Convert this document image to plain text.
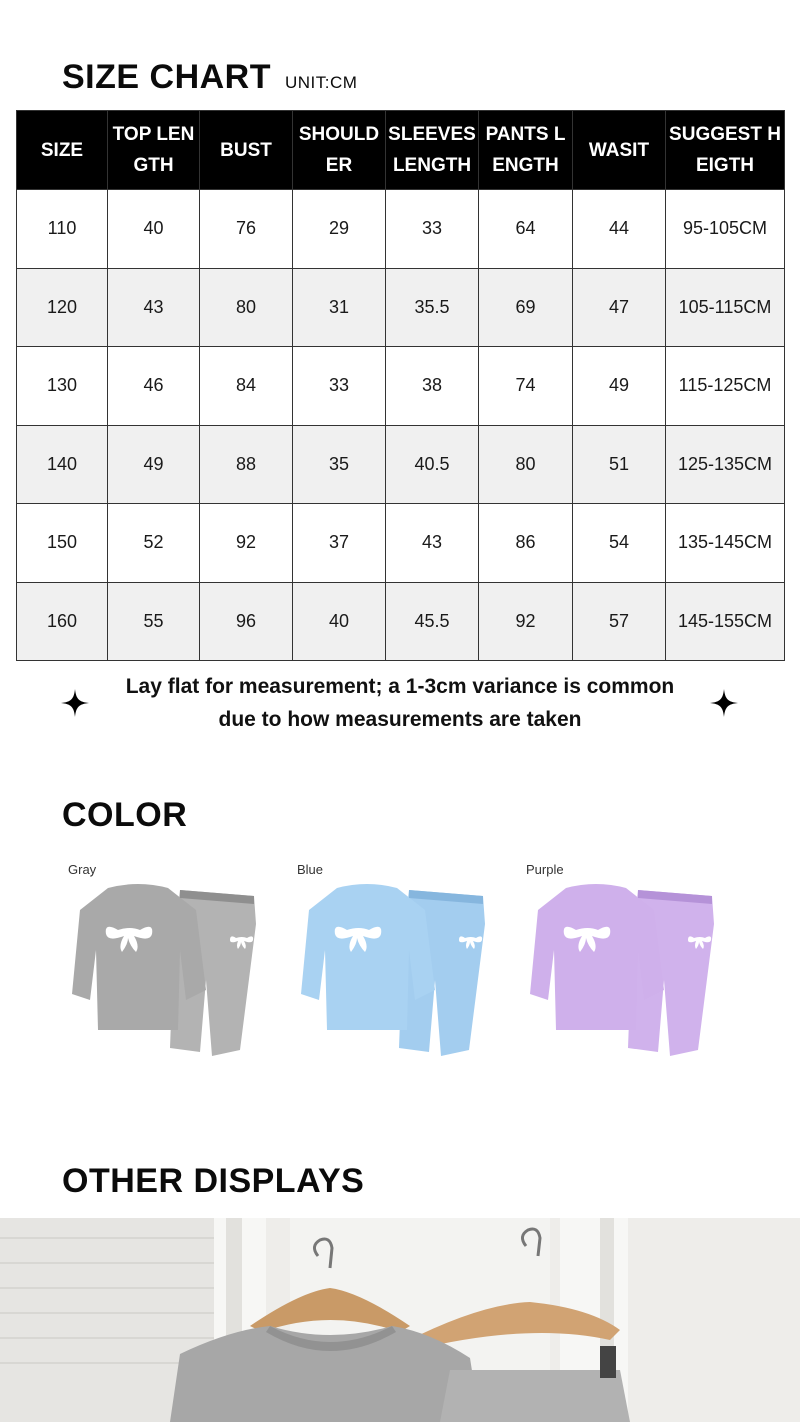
SIZE CHART UNIT:CM
SIZE	TOP LENGTH	BUST	SHOULDER	SLEEVES LENGTH	PANTS LENGTH	WASIT	SUGGEST HEIGTH
110	40	76	29	33	64	44	95-105CM
120	43	80	31	35.5	69	47	105-115CM
130	46	84	33	38	74	49	115-125CM
140	49	88	35	40.5	80	51	125-135CM
150	52	92	37	43	86	54	135-145CM
160	55	96	40	45.5	92	57	145-155CM
Lay flat for measurement; a 1-3cm variance is common
due to how measurements are taken
COLOR
Gray	Blue	Purple
OTHER DISPLAYS
